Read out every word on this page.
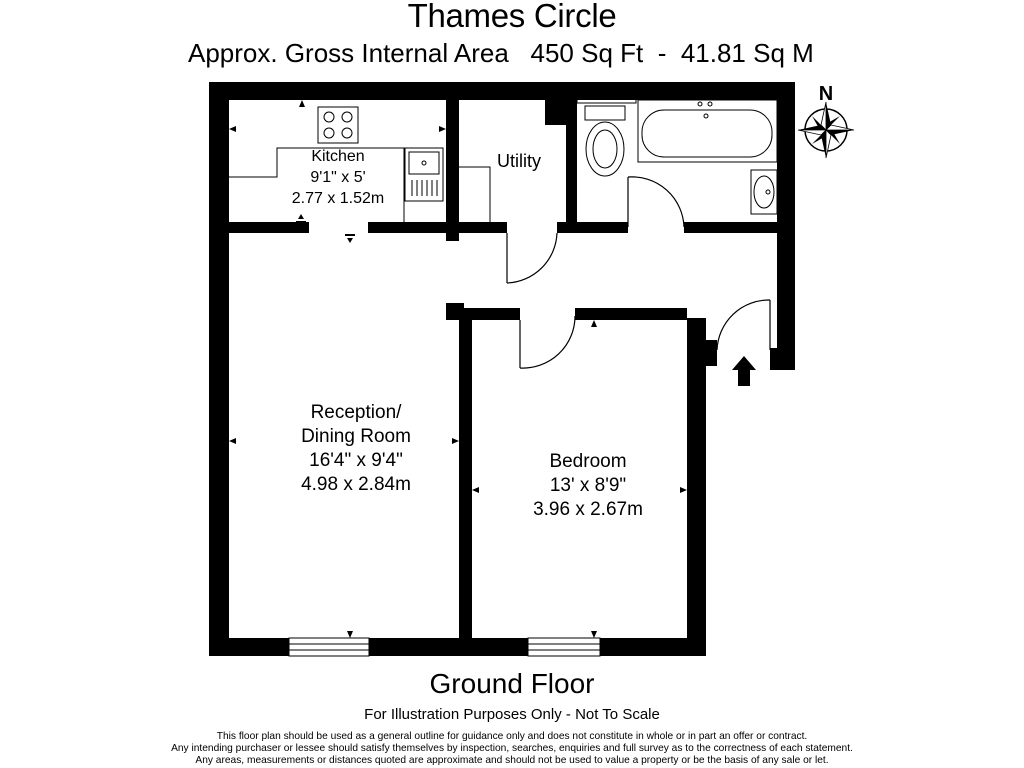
Thames Circle
Approx. Gross Internal Area 450 Sq Ft - 41.81 Sq M
N
Kitchen
9'1" x 5'
2.77 x 1.52m
Utility
Reception/
Dining Room
16'4" x 9'4"
4.98 x 2.84m
Bedroom
13' x 8'9"
3.96 x 2.67m
Ground Floor
For Illustration Purposes Only - Not To Scale
This floor plan should be used as a general outline for guidance only and does not constitute in whole or in part an offer or contract.
Any intending purchaser or lessee should satisfy themselves by inspection, searches, enquiries and full survey as to the correctness of each statement.
Any areas, measurements or distances quoted are approximate and should not be used to value a property or be the basis of any sale or let.
